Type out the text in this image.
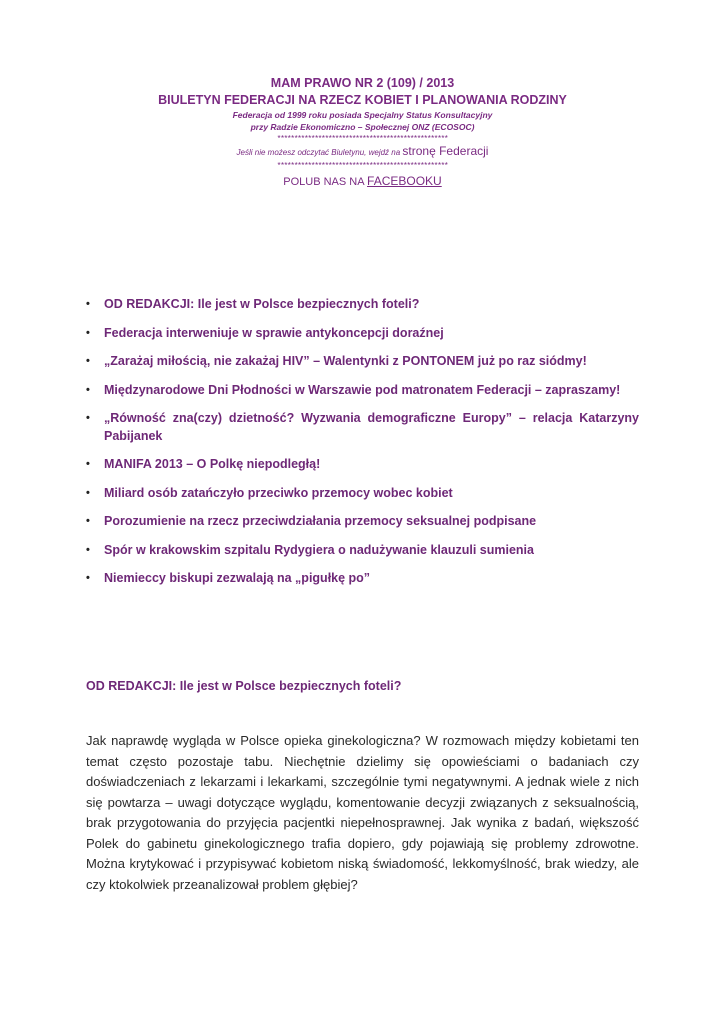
MAM PRAWO NR 2 (109) / 2013
BIULETYN FEDERACJI NA RZECZ KOBIET I PLANOWANIA RODZINY
Federacja od 1999 roku posiada Specjalny Status Konsultacyjny
przy Radzie Ekonomiczno – Społecznej ONZ (ECOSOC)
**************************************************
Jeśli nie możesz odczytać Biuletynu, wejdź na stronę Federacji
**************************************************
POLUB NAS NA FACEBOOKU
• OD REDAKCJI: Ile jest w Polsce bezpiecznych foteli?
• Federacja interweniuje w sprawie antykoncepcji doraźnej
• „Zarażaj miłością, nie zakażaj HIV” – Walentynki z PONTONEM już po raz siódmy!
• Międzynarodowe Dni Płodności w Warszawie pod matronatem Federacji – zapraszamy!
• „Równość zna(czy) dzietność? Wyzwania demograficzne Europy” – relacja Katarzyny Pabijanek
• MANIFA 2013 – O Polkę niepodległą!
• Miliard osób zatańczyło przeciwko przemocy wobec kobiet
• Porozumienie na rzecz przeciwdziałania przemocy seksualnej podpisane
• Spór w krakowskim szpitalu Rydygiera o nadużywanie klauzuli sumienia
• Niemieccy biskupi zezwalają na „pigułkę po”
OD REDAKCJI: Ile jest w Polsce bezpiecznych foteli?
Jak naprawdę wygląda w Polsce opieka ginekologiczna? W rozmowach między kobietami ten temat często pozostaje tabu. Niechętnie dzielimy się opowieściami o badaniach czy doświadczeniach z lekarzami i lekarkami, szczególnie tymi negatywnymi. A jednak wiele z nich się powtarza – uwagi dotyczące wyglądu, komentowanie decyzji związanych z seksualnością, brak przygotowania do przyjęcia pacjentki niepełnosprawnej. Jak wynika z badań, większość Polek do gabinetu ginekologicznego trafia dopiero, gdy pojawiają się problemy zdrowotne. Można krytykować i przypisywać kobietom niską świadomość, lekkomyślność, brak wiedzy, ale czy ktokolwiek przeanalizował problem głębiej?
